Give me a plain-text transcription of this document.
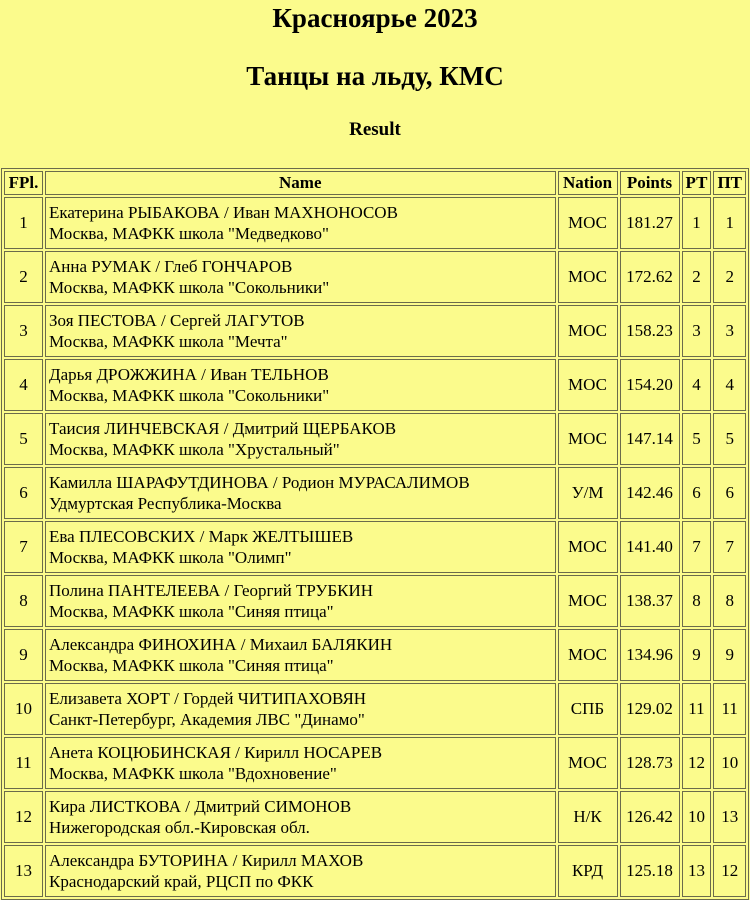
Красноярье 2023
Танцы на льду, КМС
Result
FPl.	Name	Nation	Points	РТ	ПТ
1	Екатерина РЫБАКОВА / Иван МАХНОНОСОВ
Москва, МАФКК школа "Медведково"	МОС	181.27	1	1
2	Анна РУМАК / Глеб ГОНЧАРОВ
Москва, МАФКК школа "Сокольники"	МОС	172.62	2	2
3	Зоя ПЕСТОВА / Сергей ЛАГУТОВ
Москва, МАФКК школа "Мечта"	МОС	158.23	3	3
4	Дарья ДРОЖЖИНА / Иван ТЕЛЬНОВ
Москва, МАФКК школа "Сокольники"	МОС	154.20	4	4
5	Таисия ЛИНЧЕВСКАЯ / Дмитрий ЩЕРБАКОВ
Москва, МАФКК школа "Хрустальный"	МОС	147.14	5	5
6	Камилла ШАРАФУТДИНОВА / Родион МУРАСАЛИМОВ
Удмуртская Республика-Москва	У/М	142.46	6	6
7	Ева ПЛЕСОВСКИХ / Марк ЖЕЛТЫШЕВ
Москва, МАФКК школа "Олимп"	МОС	141.40	7	7
8	Полина ПАНТЕЛЕЕВА / Георгий ТРУБКИН
Москва, МАФКК школа "Синяя птица"	МОС	138.37	8	8
9	Александра ФИНОХИНА / Михаил БАЛЯКИН
Москва, МАФКК школа "Синяя птица"	МОС	134.96	9	9
10	Елизавета ХОРТ / Гордей ЧИТИПАХОВЯН
Санкт-Петербург, Академия ЛВС "Динамо"	СПБ	129.02	11	11
11	Анета КОЦЮБИНСКАЯ / Кирилл НОСАРЕВ
Москва, МАФКК школа "Вдохновение"	МОС	128.73	12	10
12	Кира ЛИСТКОВА / Дмитрий СИМОНОВ
Нижегородская обл.-Кировская обл.	Н/К	126.42	10	13
13	Александра БУТОРИНА / Кирилл МАХОВ
Краснодарский край, РЦСП по ФКК	КРД	125.18	13	12
